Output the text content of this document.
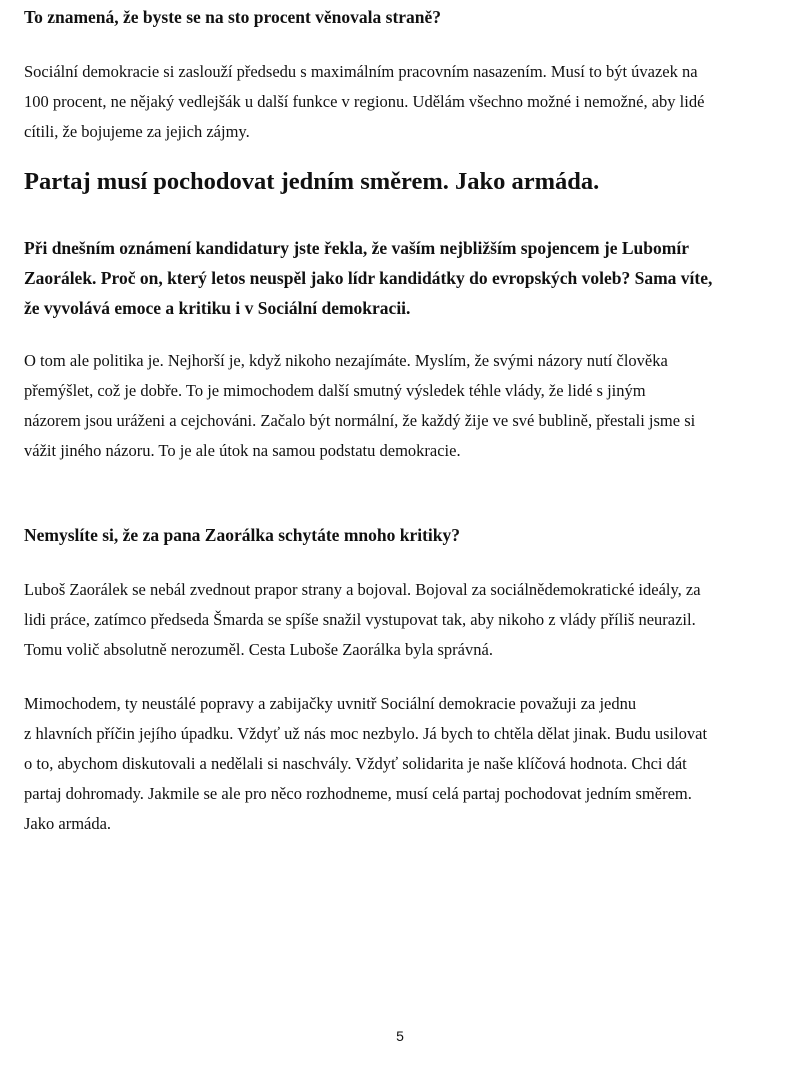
To znamená, že byste se na sto procent věnovala straně?

Sociální demokracie si zaslouží předsedu s maximálním pracovním nasazením. Musí to být úvazek na
100 procent, ne nějaký vedlejšák u další funkce v regionu. Udělám všechno možné i nemožné, aby lidé
cítili, že bojujeme za jejich zájmy.

Partaj musí pochodovat jedním směrem. Jako armáda.
Při dnešním oznámení kandidatury jste řekla, že vaším nejbližším spojencem je Lubomír
Zaorálek. Proč on, který letos neuspěl jako lídr kandidátky do evropských voleb? Sama víte,
že vyvolává emoce a kritiku i v Sociální demokracii.

O tom ale politika je. Nejhorší je, když nikoho nezajímáte. Myslím, že svými názory nutí člověka
přemýšlet, což je dobře. To je mimochodem další smutný výsledek téhle vlády, že lidé s jiným
názorem jsou uráženi a cejchováni. Začalo být normální, že každý žije ve své bublině, přestali jsme si
vážit jiného názoru. To je ale útok na samou podstatu demokracie.

Nemyslíte si, že za pana Zaorálka schytáte mnoho kritiky?

Luboš Zaorálek se nebál zvednout prapor strany a bojoval. Bojoval za sociálnědemokratické ideály, za
lidi práce, zatímco předseda Šmarda se spíše snažil vystupovat tak, aby nikoho z vlády příliš neurazil.
Tomu volič absolutně nerozuměl. Cesta Luboše Zaorálka byla správná.

Mimochodem, ty neustálé popravy a zabijačky uvnitř Sociální demokracie považuji za jednu
z hlavních příčin jejího úpadku. Vždyť už nás moc nezbylo. Já bych to chtěla dělat jinak. Budu usilovat
o to, abychom diskutovali a nedělali si naschvály. Vždyť solidarita je naše klíčová hodnota. Chci dát
partaj dohromady. Jakmile se ale pro něco rozhodneme, musí celá partaj pochodovat jedním směrem.
Jako armáda.

5
